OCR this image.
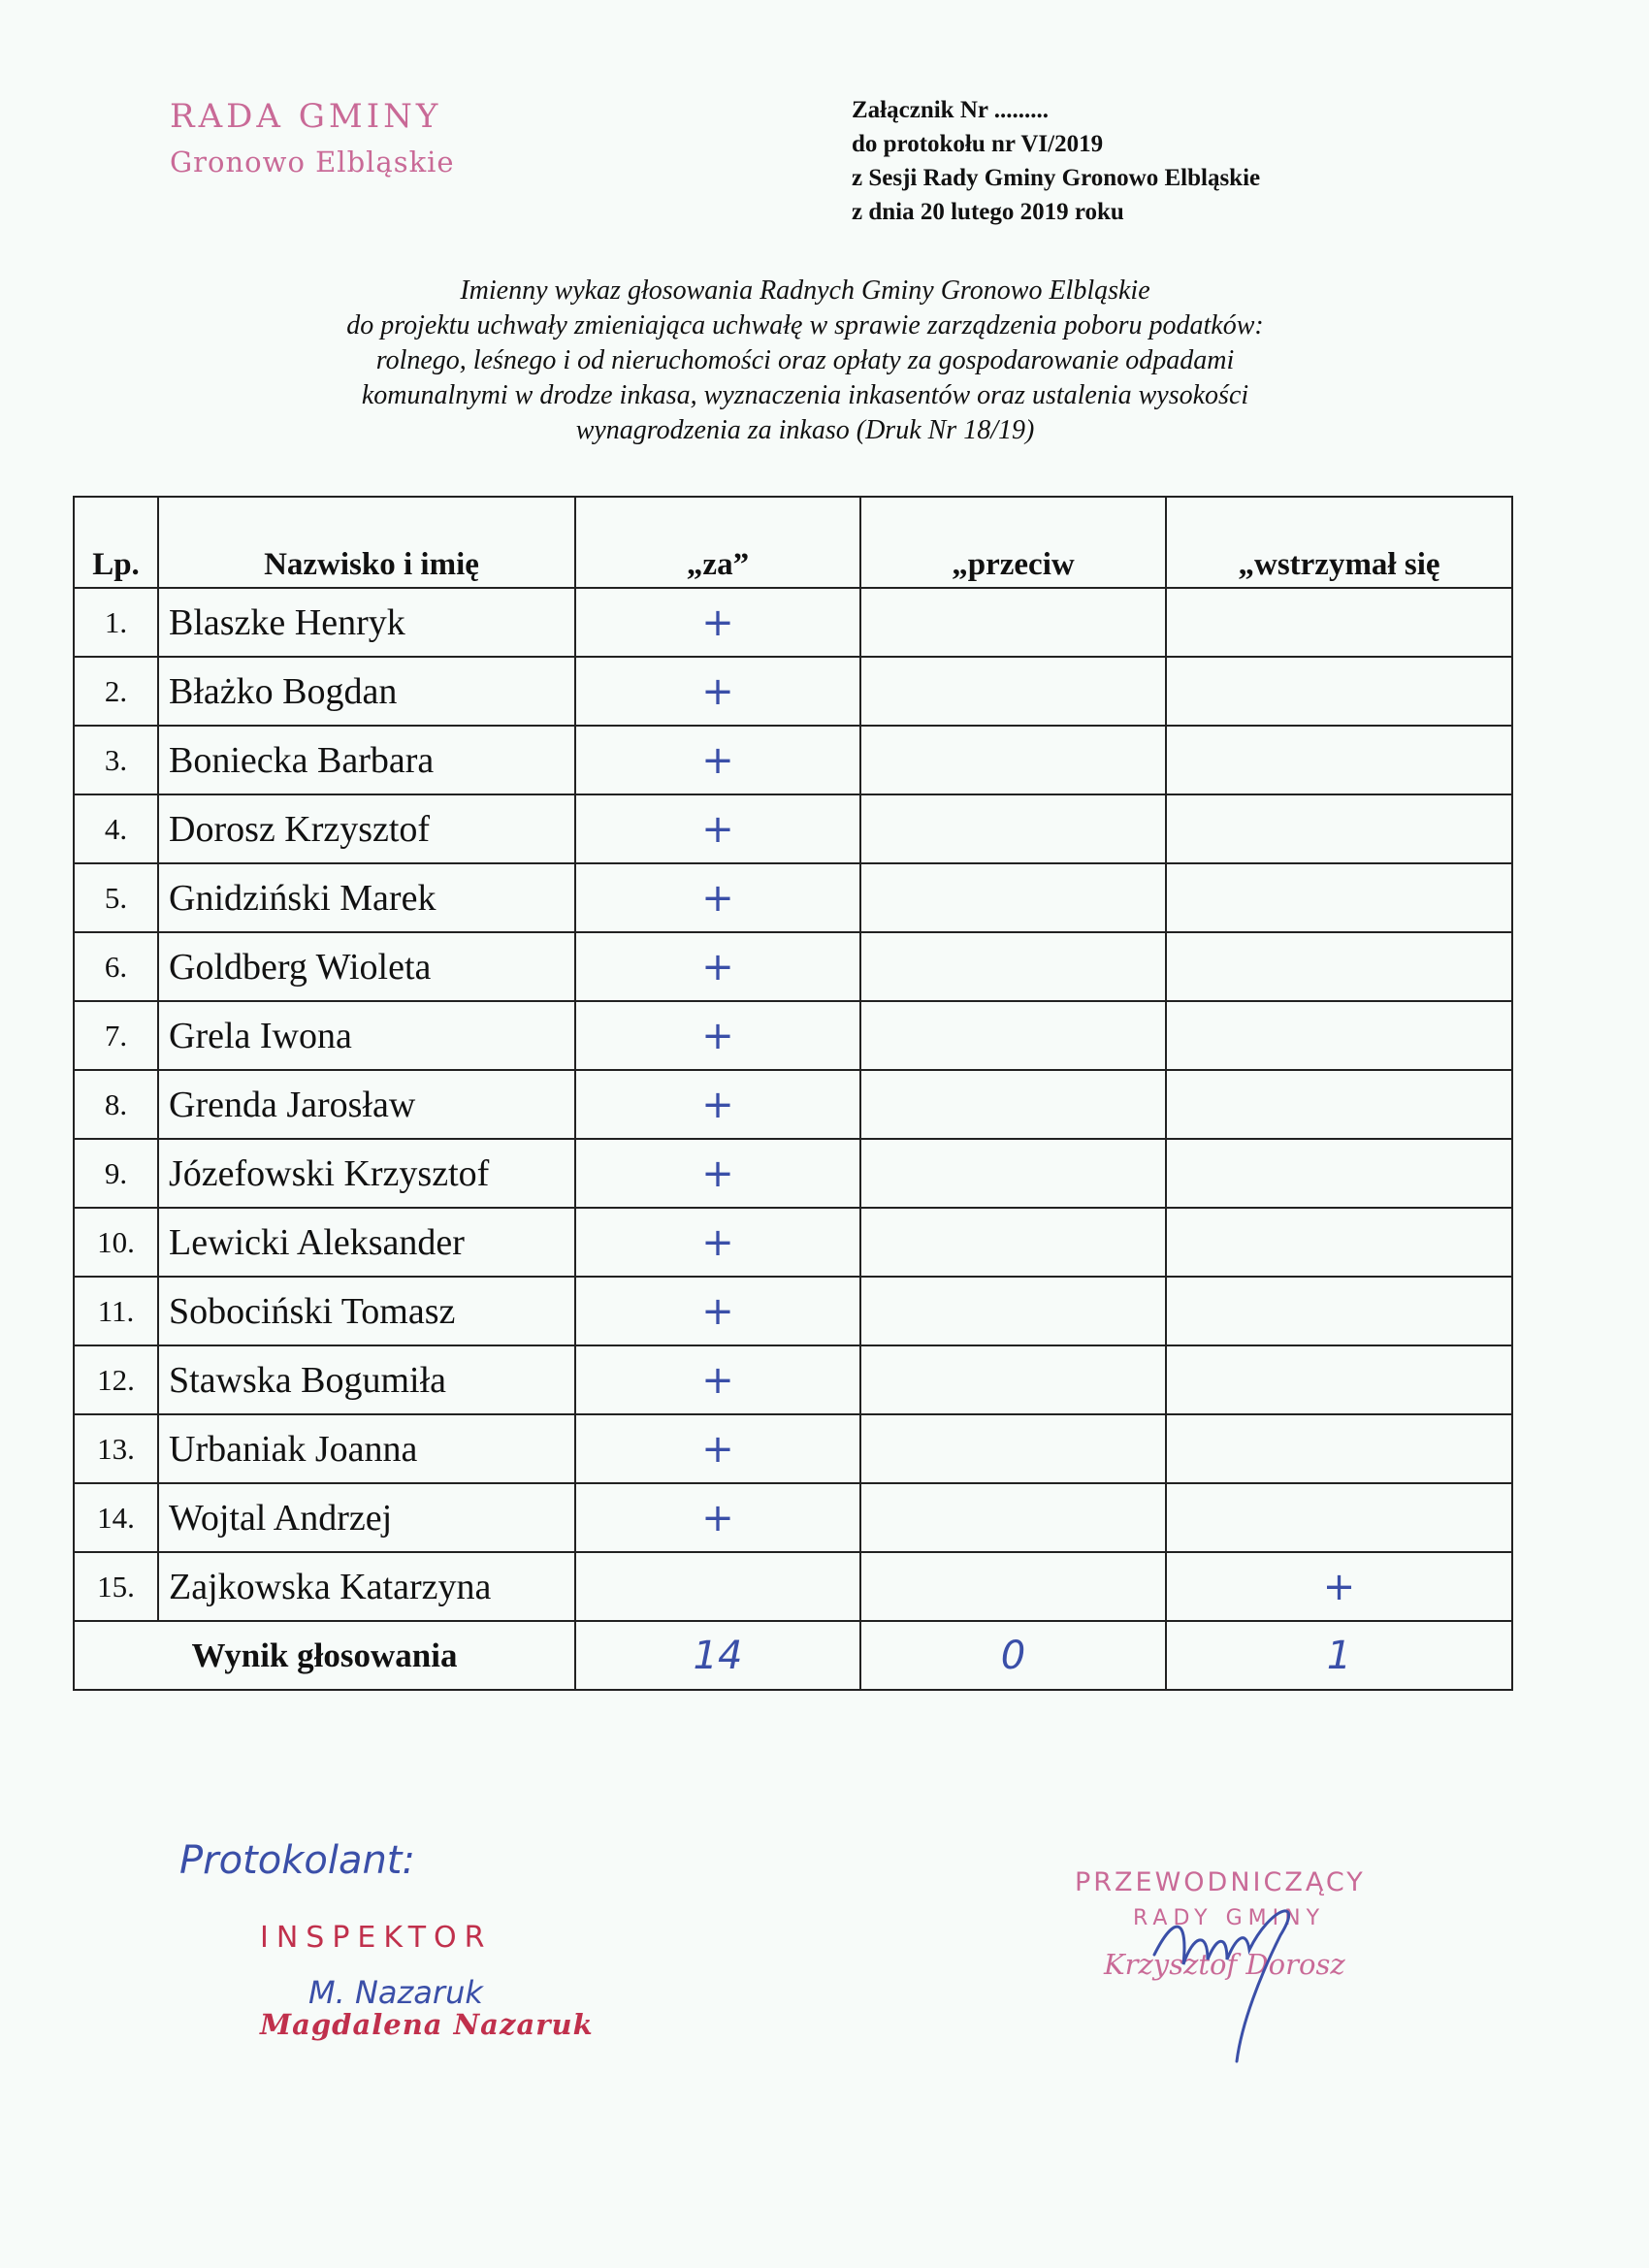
RADA GMINY
Gronowo Elbląskie
Załącznik Nr .........
do protokołu nr VI/2019
z Sesji Rady Gminy Gronowo Elbląskie
z dnia 20 lutego 2019 roku
Imienny wykaz głosowania Radnych Gminy Gronowo Elbląskie
do projektu uchwały zmieniająca uchwałę w sprawie zarządzenia poboru podatków:
rolnego, leśnego i od nieruchomości oraz opłaty za gospodarowanie odpadami
komunalnymi w drodze inkasa, wyznaczenia inkasentów oraz ustalenia wysokości
wynagrodzenia za inkaso (Druk Nr 18/19)
Lp.	Nazwisko i imię	„za”	„przeciw	„wstrzymał się
1.	Blaszke Henryk	+		
2.	Błażko Bogdan	+		
3.	Boniecka Barbara	+		
4.	Dorosz Krzysztof	+		
5.	Gnidziński Marek	+		
6.	Goldberg Wioleta	+		
7.	Grela Iwona	+		
8.	Grenda Jarosław	+		
9.	Józefowski Krzysztof	+		
10.	Lewicki Aleksander	+		
11.	Sobociński Tomasz	+		
12.	Stawska Bogumiła	+		
13.	Urbaniak Joanna	+		
14.	Wojtal Andrzej	+		
15.	Zajkowska Katarzyna			+
Wynik głosowania		14	0	1
Protokolant:
INSPEKTOR
M. Nazaruk
Magdalena Nazaruk
PRZEWODNICZĄCY
RADY GMINY
Krzysztof Dorosz
